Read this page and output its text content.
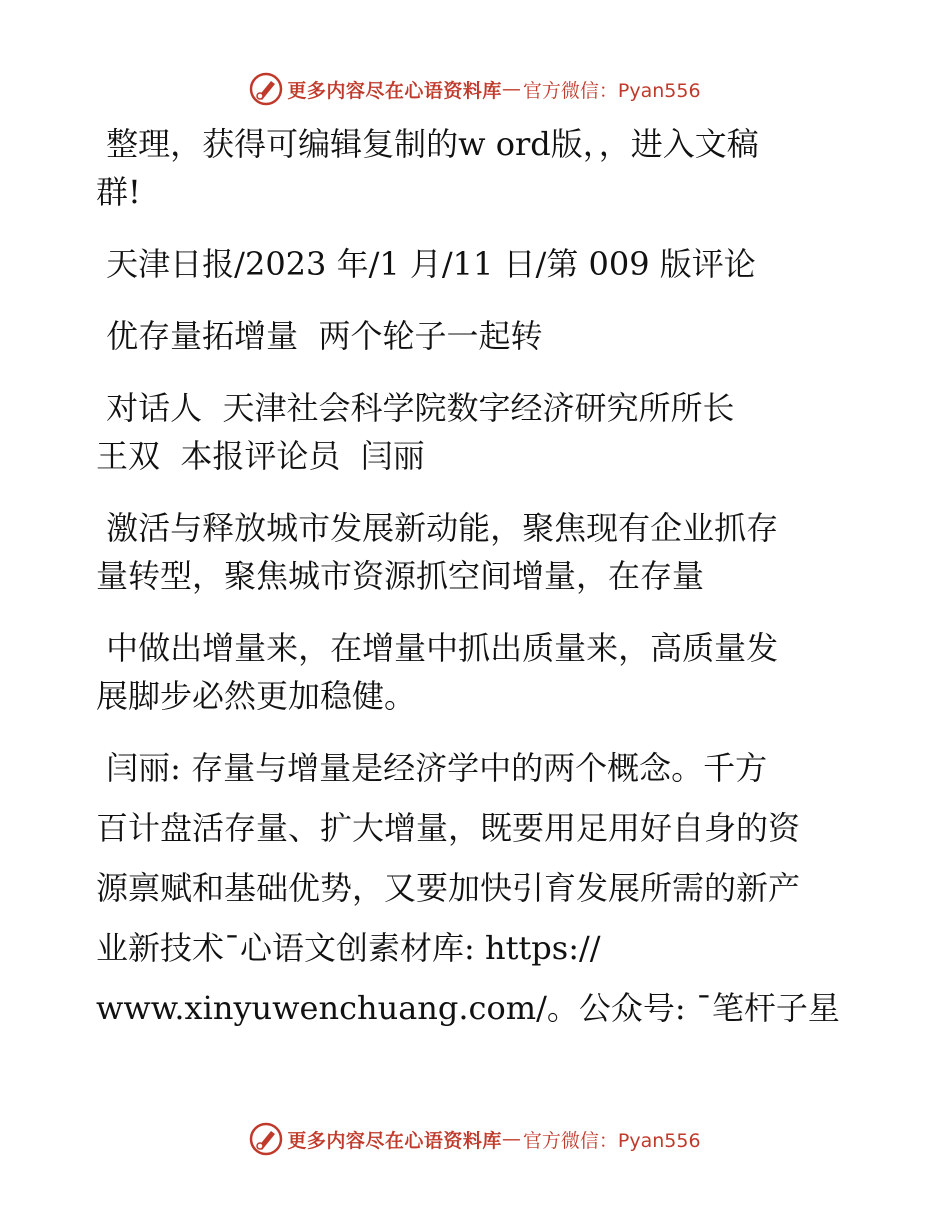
更多内容尽在心语资料库 — 官方微信：Pyan556

整理，获得可编辑复制的w ord版，，进入文稿

群!

天津日报/2023 年/1 月/11 日/第 009 版评论

优存量拓增量  两个轮子一起转

对话人  天津社会科学院数字经济研究所所长

王双  本报评论员  闫丽

激活与释放城市发展新动能，聚焦现有企业抓存

量转型，聚焦城市资源抓空间增量，在存量

中做出增量来，在增量中抓出质量来，高质量发

展脚步必然更加稳健。

闫丽: 存量与增量是经济学中的两个概念。千方

百计盘活存量、扩大增量，既要用足用好自身的资

源禀赋和基础优势，又要加快引育发展所需的新产

业新技术¯心语文创素材库: https://

www.xinyuwenchuang.com/。公众号: ¯笔杆子星

更多内容尽在心语资料库 — 官方微信：Pyan556
